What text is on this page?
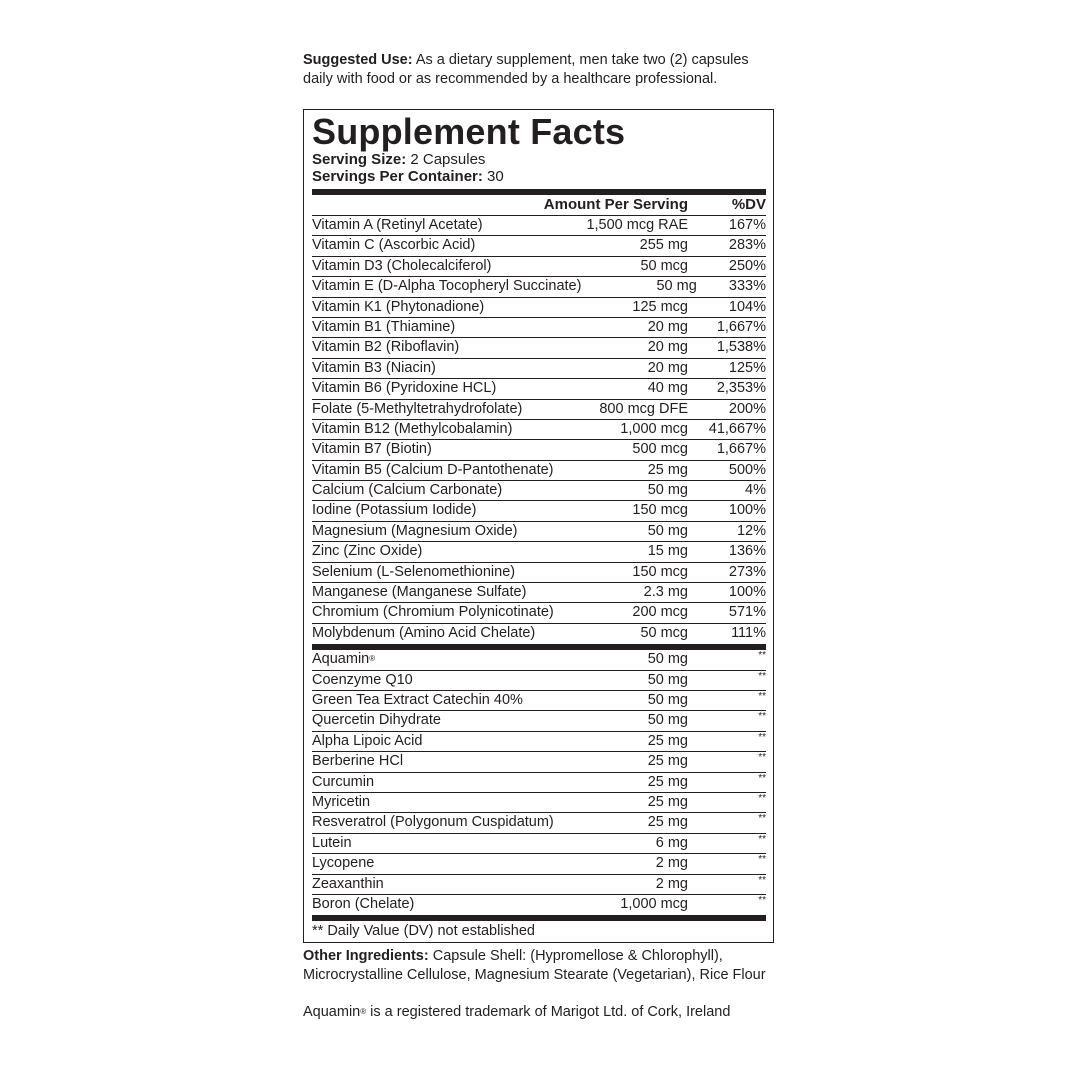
Suggested Use: As a dietary supplement, men take two (2) capsules daily with food or as recommended by a healthcare professional.
Supplement Facts
Serving Size: 2 Capsules
Servings Per Container: 30
Amount Per Serving	%DV
Vitamin A (Retinyl Acetate)	1,500 mcg RAE	167%
Vitamin C (Ascorbic Acid)	255 mg	283%
Vitamin D3 (Cholecalciferol)	50 mcg	250%
Vitamin E (D-Alpha Tocopheryl Succinate)	50 mg	333%
Vitamin K1 (Phytonadione)	125 mcg	104%
Vitamin B1 (Thiamine)	20 mg	1,667%
Vitamin B2 (Riboflavin)	20 mg	1,538%
Vitamin B3 (Niacin)	20 mg	125%
Vitamin B6 (Pyridoxine HCL)	40 mg	2,353%
Folate (5-Methyltetrahydrofolate)	800 mcg DFE	200%
Vitamin B12 (Methylcobalamin)	1,000 mcg	41,667%
Vitamin B7 (Biotin)	500 mcg	1,667%
Vitamin B5 (Calcium D-Pantothenate)	25 mg	500%
Calcium (Calcium Carbonate)	50 mg	4%
Iodine (Potassium Iodide)	150 mcg	100%
Magnesium (Magnesium Oxide)	50 mg	12%
Zinc (Zinc Oxide)	15 mg	136%
Selenium (L-Selenomethionine)	150 mcg	273%
Manganese (Manganese Sulfate)	2.3 mg	100%
Chromium (Chromium Polynicotinate)	200 mcg	571%
Molybdenum (Amino Acid Chelate)	50 mcg	111%
Aquamin®	50 mg	**
Coenzyme Q10	50 mg	**
Green Tea Extract Catechin 40%	50 mg	**
Quercetin Dihydrate	50 mg	**
Alpha Lipoic Acid	25 mg	**
Berberine HCl	25 mg	**
Curcumin	25 mg	**
Myricetin	25 mg	**
Resveratrol (Polygonum Cuspidatum)	25 mg	**
Lutein	6 mg	**
Lycopene	2 mg	**
Zeaxanthin	2 mg	**
Boron (Chelate)	1,000 mcg	**
** Daily Value (DV) not established
Other Ingredients: Capsule Shell: (Hypromellose & Chlorophyll), Microcrystalline Cellulose, Magnesium Stearate (Vegetarian), Rice Flour
Aquamin® is a registered trademark of Marigot Ltd. of Cork, Ireland
